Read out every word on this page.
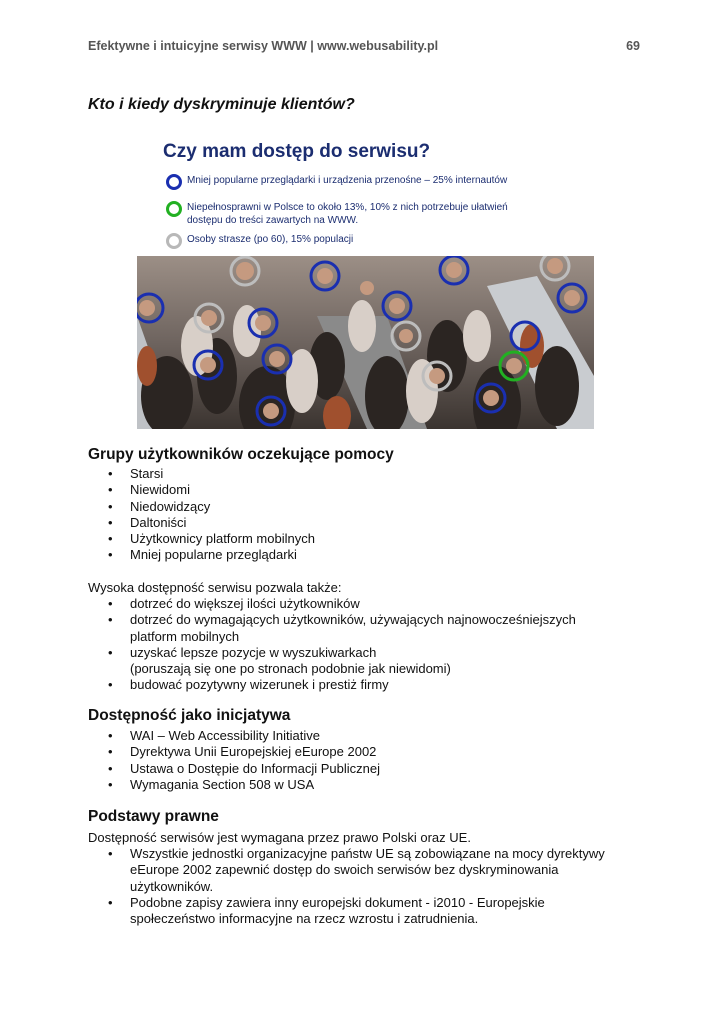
Efektywne i intuicyjne serwisy WWW | www.webusability.pl	69
Kto i kiedy dyskryminuje klientów?
Czy mam dostęp do serwisu?
Mniej popularne przeglądarki i urządzenia przenośne – 25% internautów
Niepełnosprawni w Polsce to około 13%, 10% z nich potrzebuje ułatwień
dostępu do treści zawartych na WWW.
Osoby strasze (po 60), 15% populacji
Grupy użytkowników oczekujące pomocy
• Starsi
• Niewidomi
• Niedowidzący
• Daltoniści
• Użytkownicy platform mobilnych
• Mniej popularne przeglądarki
Wysoka dostępność serwisu pozwala także:
• dotrzeć do większej ilości użytkowników
• dotrzeć do wymagających użytkowników, używających najnowocześniejszych
platform mobilnych
• uzyskać lepsze pozycje w wyszukiwarkach
(poruszają się one po stronach podobnie jak niewidomi)
• budować pozytywny wizerunek i prestiż firmy
Dostępność jako inicjatywa
• WAI – Web Accessibility Initiative
• Dyrektywa Unii Europejskiej eEurope 2002
• Ustawa o Dostępie do Informacji Publicznej
• Wymagania Section 508 w USA
Podstawy prawne
Dostępność serwisów jest wymagana przez prawo Polski oraz UE.
• Wszystkie jednostki organizacyjne państw UE są zobowiązane na mocy dyrektywy
eEurope 2002 zapewnić dostęp do swoich serwisów bez dyskryminowania
użytkowników.
• Podobne zapisy zawiera inny europejski dokument - i2010 - Europejskie
społeczeństwo informacyjne na rzecz wzrostu i zatrudnienia.
